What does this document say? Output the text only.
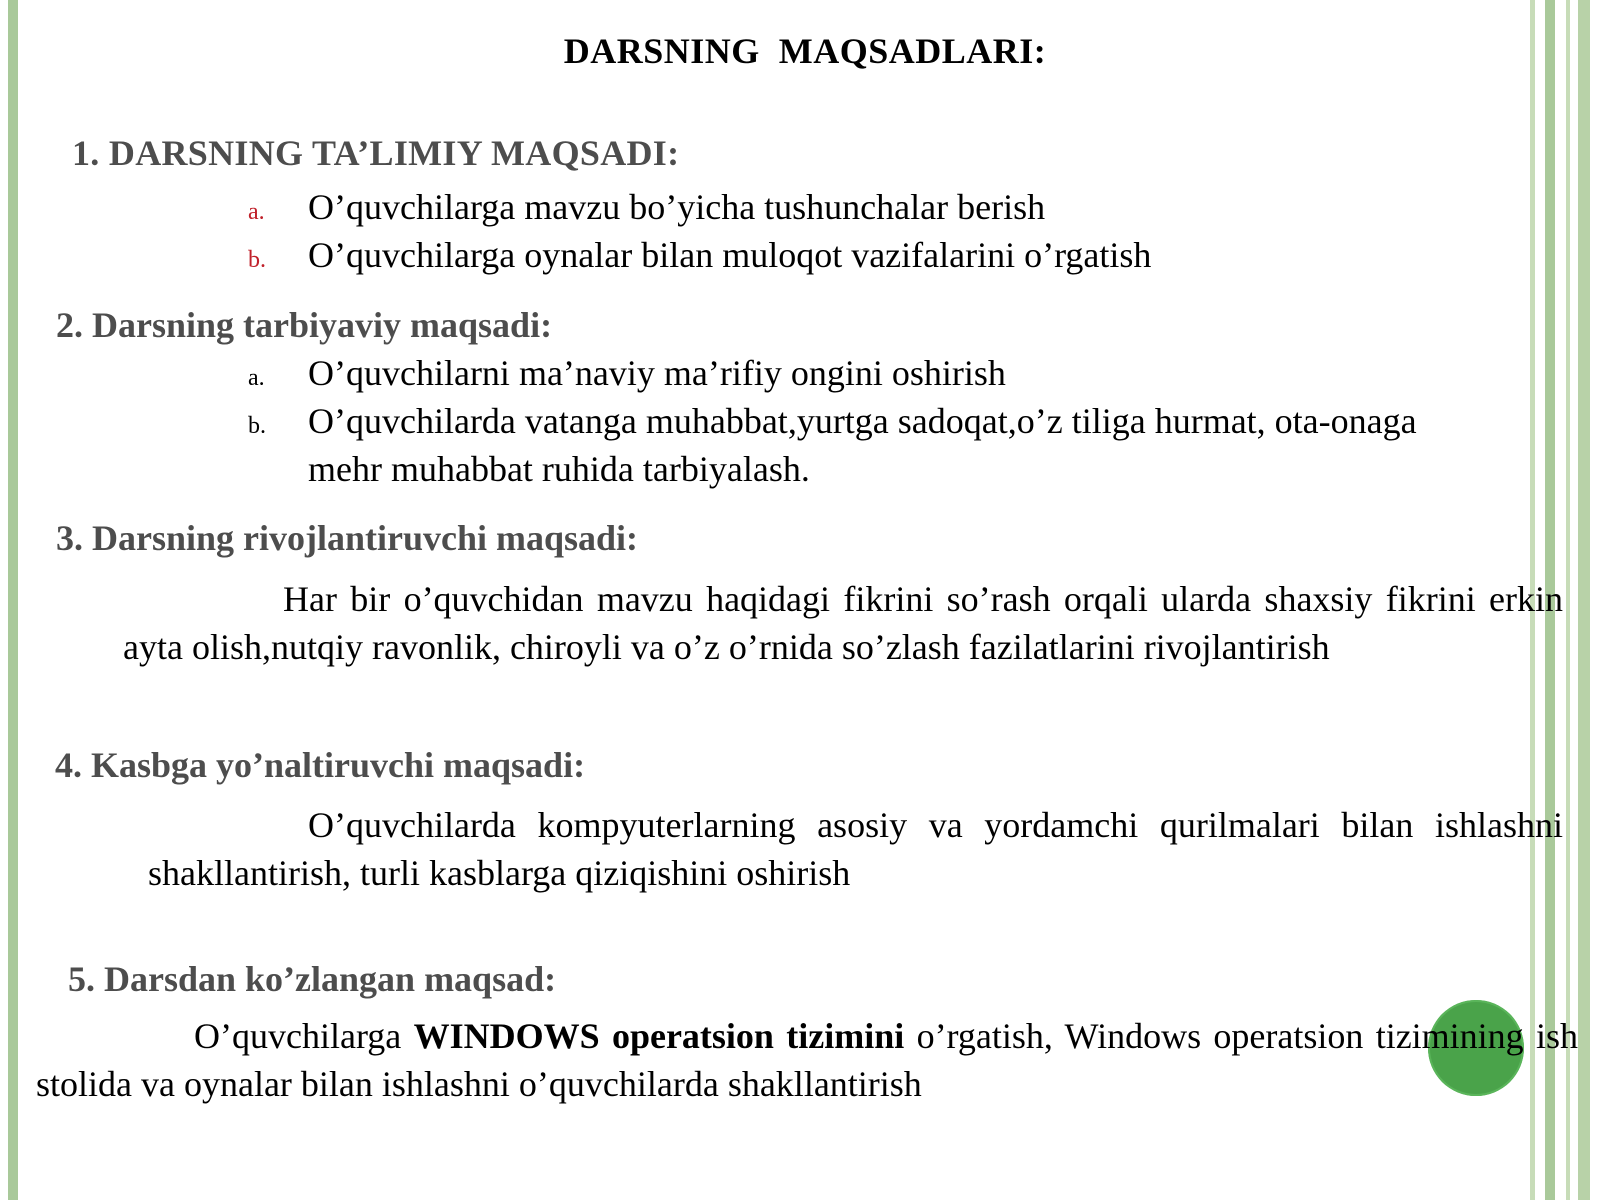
DARSNING  MAQSADLARI:
1. DARSNING TA’LIMIY MAQSADI:
a. O’quvchilarga mavzu bo’yicha tushunchalar berish
b. O’quvchilarga oynalar bilan muloqot vazifalarini o’rgatish
2. Darsning tarbiyaviy maqsadi:
a. O’quvchilarni ma’naviy ma’rifiy ongini oshirish
b. O’quvchilarda vatanga muhabbat,yurtga sadoqat,o’z tiliga hurmat, ota-onaga
mehr muhabbat ruhida tarbiyalash.
3. Darsning rivojlantiruvchi maqsadi:
Har bir o’quvchidan mavzu haqidagi fikrini so’rash orqali ularda shaxsiy fikrini erkin ayta olish,nutqiy ravonlik, chiroyli va o’z o’rnida so’zlash fazilatlarini rivojlantirish
4. Kasbga yo’naltiruvchi maqsadi:
O’quvchilarda kompyuterlarning asosiy va yordamchi qurilmalari bilan ishlashni shakllantirish, turli kasblarga qiziqishini oshirish
5. Darsdan ko’zlangan maqsad:
O’quvchilarga WINDOWS operatsion tizimini o’rgatish, Windows operatsion tizimining ish stolida va oynalar bilan ishlashni o’quvchilarda shakllantirish
